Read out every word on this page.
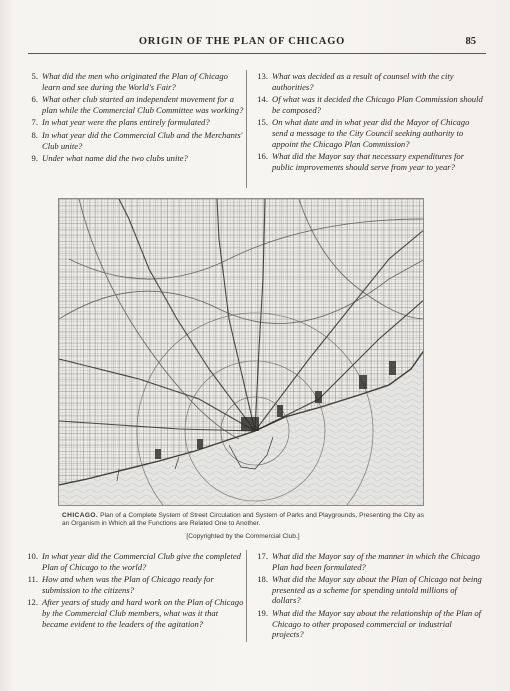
ORIGIN OF THE PLAN OF CHICAGO	85
5. What did the men who originated the Plan of Chicago learn and see during the World's Fair?
6. What other club started an independent movement for a plan while the Commercial Club Committee was working?
7. In what year were the plans entirely formulated?
8. In what year did the Commercial Club and the Merchants' Club unite?
9. Under what name did the two clubs unite?
13. What was decided as a result of counsel with the city authorities?
14. Of what was it decided the Chicago Plan Commission should be composed?
15. On what date and in what year did the Mayor of Chicago send a message to the City Council seeking authority to appoint the Chicago Plan Commission?
16. What did the Mayor say that necessary expenditures for public improvements should serve from year to year?
CHICAGO. Plan of a Complete System of Street Circulation and System of Parks and Playgrounds, Presenting the City as an Organism in Which all the Functions are Related One to Another.
[Copyrighted by the Commercial Club.]
10. In what year did the Commercial Club give the completed Plan of Chicago to the world?
11. How and when was the Plan of Chicago ready for submission to the citizens?
12. After years of study and hard work on the Plan of Chicago by the Commercial Club members, what was it that became evident to the leaders of the agitation?
17. What did the Mayor say of the manner in which the Chicago Plan had been formulated?
18. What did the Mayor say about the Plan of Chicago not being presented as a scheme for spending untold millions of dollars?
19. What did the Mayor say about the relationship of the Plan of Chicago to other proposed commercial or industrial projects?
